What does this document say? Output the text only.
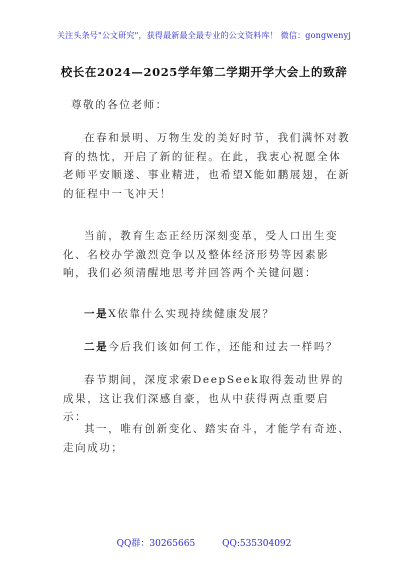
关注头条号"公文研究"，获得最新最全最专业的公文资料库！ 微信：gongwenyj
校长在2024—2025学年第二学期开学大会上的致辞

尊敬的各位老师：

在春和景明、万物生发的美好时节，我们满怀对教育的热忱，开启了新的征程。在此，我衷心祝愿全体老师平安顺遂、事业精进，也希望X能如鹏展翅，在新的征程中一飞冲天！

当前，教育生态正经历深刻变革，受人口出生变化、名校办学激烈竞争以及整体经济形势等因素影响，我们必须清醒地思考并回答两个关键问题：

一是X依靠什么实现持续健康发展？

二是今后我们该如何工作，还能和过去一样吗？

春节期间，深度求索DeepSeek取得轰动世界的成果，这让我们深感自豪，也从中获得两点重要启示：

其一，唯有创新变化、踏实奋斗，才能学有奇迹、走向成功；

QQ群：30265665	QQ:535304092
